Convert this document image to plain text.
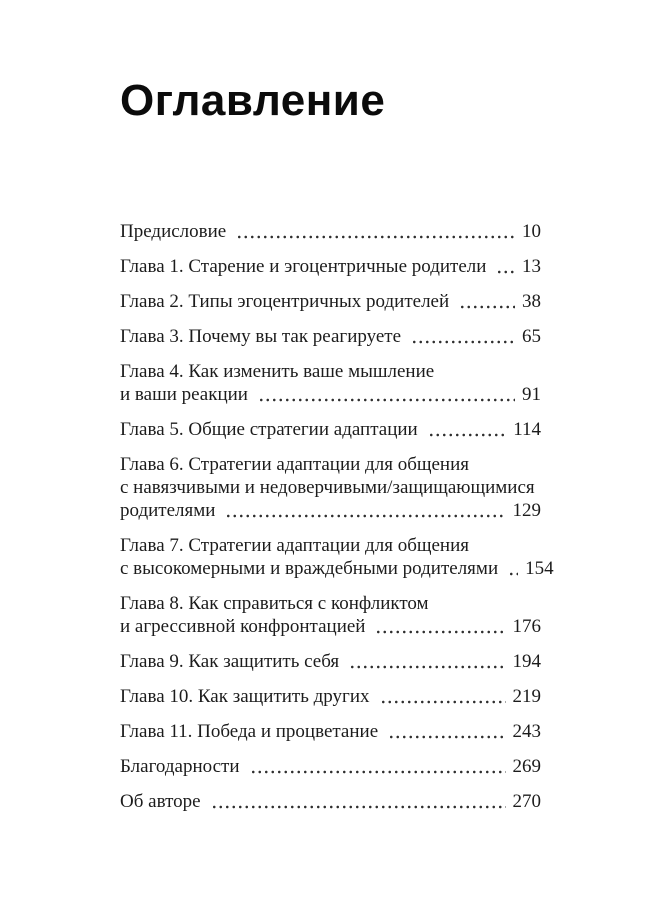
Оглавление
Предисловие	10
Глава 1. Старение и эгоцентричные родители 13
Глава 2. Типы эгоцентричных родителей	38
Глава 3. Почему вы так реагируете	65
Глава 4. Как изменить ваше мышление
и ваши реакции	91
Глава 5. Общие стратегии адаптации	114
Глава 6. Стратегии адаптации для общения
с навязчивыми и недоверчивыми/защищающимися
родителями	129
Глава 7. Стратегии адаптации для общения
с высокомерными и враждебными родителями 154
Глава 8. Как справиться с конфликтом
и агрессивной конфронтацией	176
Глава 9. Как защитить себя	194
Глава 10. Как защитить других	219
Глава 11. Победа и процветание	243
Благодарности	269
Об авторе	270
